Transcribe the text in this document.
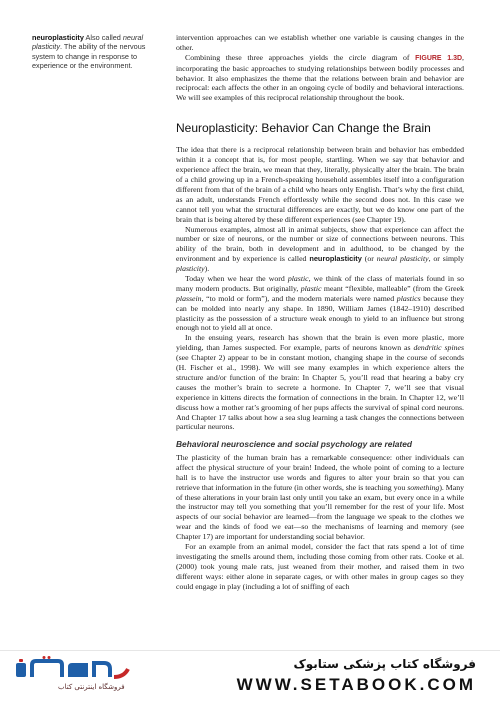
neuroplasticity Also called neural plasticity. The ability of the nervous system to change in response to experience or the environment.

intervention approaches can we establish whether one variable is causing changes in the other.

Combining these three approaches yields the circle diagram of FIGURE 1.3D, incorporating the basic approaches to studying relationships between bodily processes and behavior. It also emphasizes the theme that the relations between brain and behavior are reciprocal: each affects the other in an ongoing cycle of bodily and behavioral interactions. We will see examples of this reciprocal relationship throughout the book.

Neuroplasticity: Behavior Can Change the Brain

The idea that there is a reciprocal relationship between brain and behavior has embedded within it a concept that is, for most people, startling. When we say that behavior and experience affect the brain, we mean that they, literally, physically alter the brain. The brain of a child growing up in a French-speaking household assembles itself into a configuration different from that of the brain of a child who hears only English. That’s why the first child, as an adult, understands French effortlessly while the second does not. In this case we cannot tell you what the structural differences are exactly, but we do know one part of the brain that is being altered by these different experiences (see Chapter 19).

Numerous examples, almost all in animal subjects, show that experience can affect the number or size of neurons, or the number or size of connections between neurons. This ability of the brain, both in development and in adulthood, to be changed by the environment and by experience is called neuroplasticity (or neural plasticity, or simply plasticity).

Today when we hear the word plastic, we think of the class of materials found in so many modern products. But originally, plastic meant “flexible, malleable” (from the Greek plassein, “to mold or form”), and the modern materials were named plastics because they can be molded into nearly any shape. In 1890, William James (1842–1910) described plasticity as the possession of a structure weak enough to yield to an influence but strong enough not to yield all at once.

In the ensuing years, research has shown that the brain is even more plastic, more yielding, than James suspected. For example, parts of neurons known as dendritic spines (see Chapter 2) appear to be in constant motion, changing shape in the course of seconds (H. Fischer et al., 1998). We will see many examples in which experience alters the structure and/or function of the brain: In Chapter 5, you’ll read that hearing a baby cry causes the mother’s brain to secrete a hormone. In Chapter 7, we’ll see that visual experience in kittens directs the formation of connections in the brain. In Chapter 12, we’ll discuss how a mother rat’s grooming of her pups affects the survival of spinal cord neurons. And Chapter 17 talks about how a sea slug learning a task changes the connections between particular neurons.

Behavioral neuroscience and social psychology are related

The plasticity of the human brain has a remarkable consequence: other individuals can affect the physical structure of your brain! Indeed, the whole point of coming to a lecture hall is to have the instructor use words and figures to alter your brain so that you can retrieve that information in the future (in other words, she is teaching you something). Many of these alterations in your brain last only until you take an exam, but every once in a while the instructor may tell you something that you’ll remember for the rest of your life. Most aspects of our social behavior are learned—from the language we speak to the clothes we wear and the kinds of food we eat—so the mechanisms of learning and memory (see Chapter 17) are important for understanding social behavior.

For an example from an animal model, consider the fact that rats spend a lot of time investigating the smells around them, including those coming from other rats. Cooke et al. (2000) took young male rats, just weaned from their mother, and raised them in two different ways: either alone in separate cages, or with other males in group cages so they could engage in play (including a lot of sniffing of each

فروشگاه اینترنتی کتاب
فروشگاه کتاب پزشکی ستابوک
WWW.SETABOOK.COM
